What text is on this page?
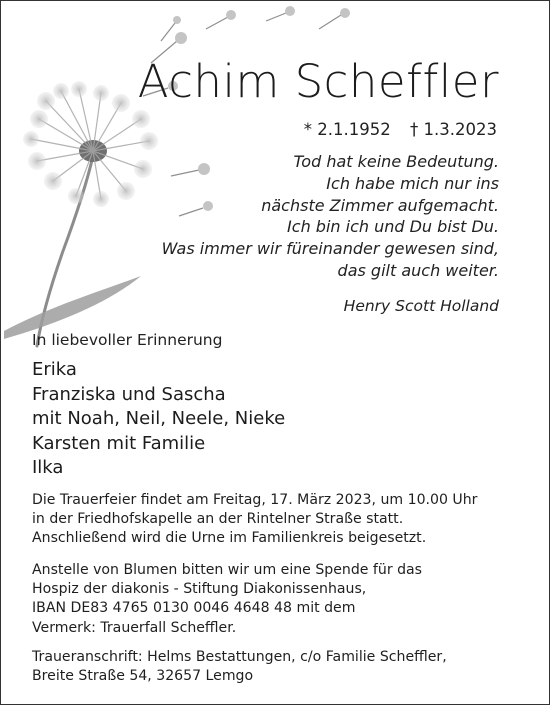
Achim Scheffler
* 2.1.1952 † 1.3.2023
Tod hat keine Bedeutung.
Ich habe mich nur ins
nächste Zimmer aufgemacht.
Ich bin ich und Du bist Du.
Was immer wir füreinander gewesen sind,
das gilt auch weiter.
Henry Scott Holland
In liebevoller Erinnerung
Erika
Franziska und Sascha
mit Noah, Neil, Neele, Nieke
Karsten mit Familie
Ilka
Die Trauerfeier findet am Freitag, 17. März 2023, um 10.00 Uhr
in der Friedhofskapelle an der Rintelner Straße statt.
Anschließend wird die Urne im Familienkreis beigesetzt.
Anstelle von Blumen bitten wir um eine Spende für das
Hospiz der diakonis - Stiftung Diakonissenhaus,
IBAN DE83 4765 0130 0046 4648 48 mit dem
Vermerk: Trauerfall Scheffler.
Traueranschrift: Helms Bestattungen, c/o Familie Scheffler,
Breite Straße 54, 32657 Lemgo
